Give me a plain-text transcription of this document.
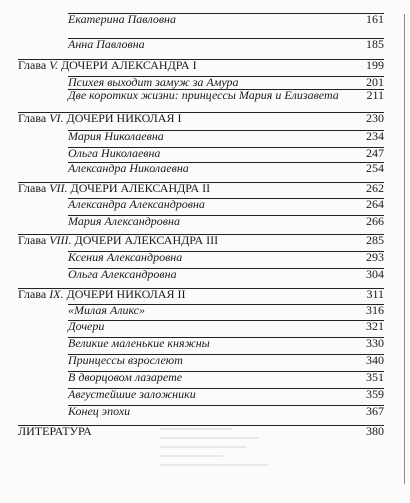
Екатерина Павловна	161
Анна Павловна	185
Глава V. ДОЧЕРИ АЛЕКСАНДРА I	199
Психея выходит замуж за Амура	201
Две коротких жизни: принцессы Мария и Елизавета 211
Глава VI. ДОЧЕРИ НИКОЛАЯ I	230
Мария Николаевна	234
Ольга Николаевна	247
Александра Николаевна	254
Глава VII. ДОЧЕРИ АЛЕКСАНДРА II	262
Александра Александровна	264
Мария Александровна	266
Глава VIII. ДОЧЕРИ АЛЕКСАНДРА III	285
Ксения Александровна	293
Ольга Александровна	304
Глава IX. ДОЧЕРИ НИКОЛАЯ II	311
«Милая Аликс»	316
Дочери	321
Великие маленькие княжны	330
Принцессы взрослеют	340
В дворцовом лазарете	351
Августейшие заложники	359
Конец эпохи	367
ЛИТЕРАТУРА	380
